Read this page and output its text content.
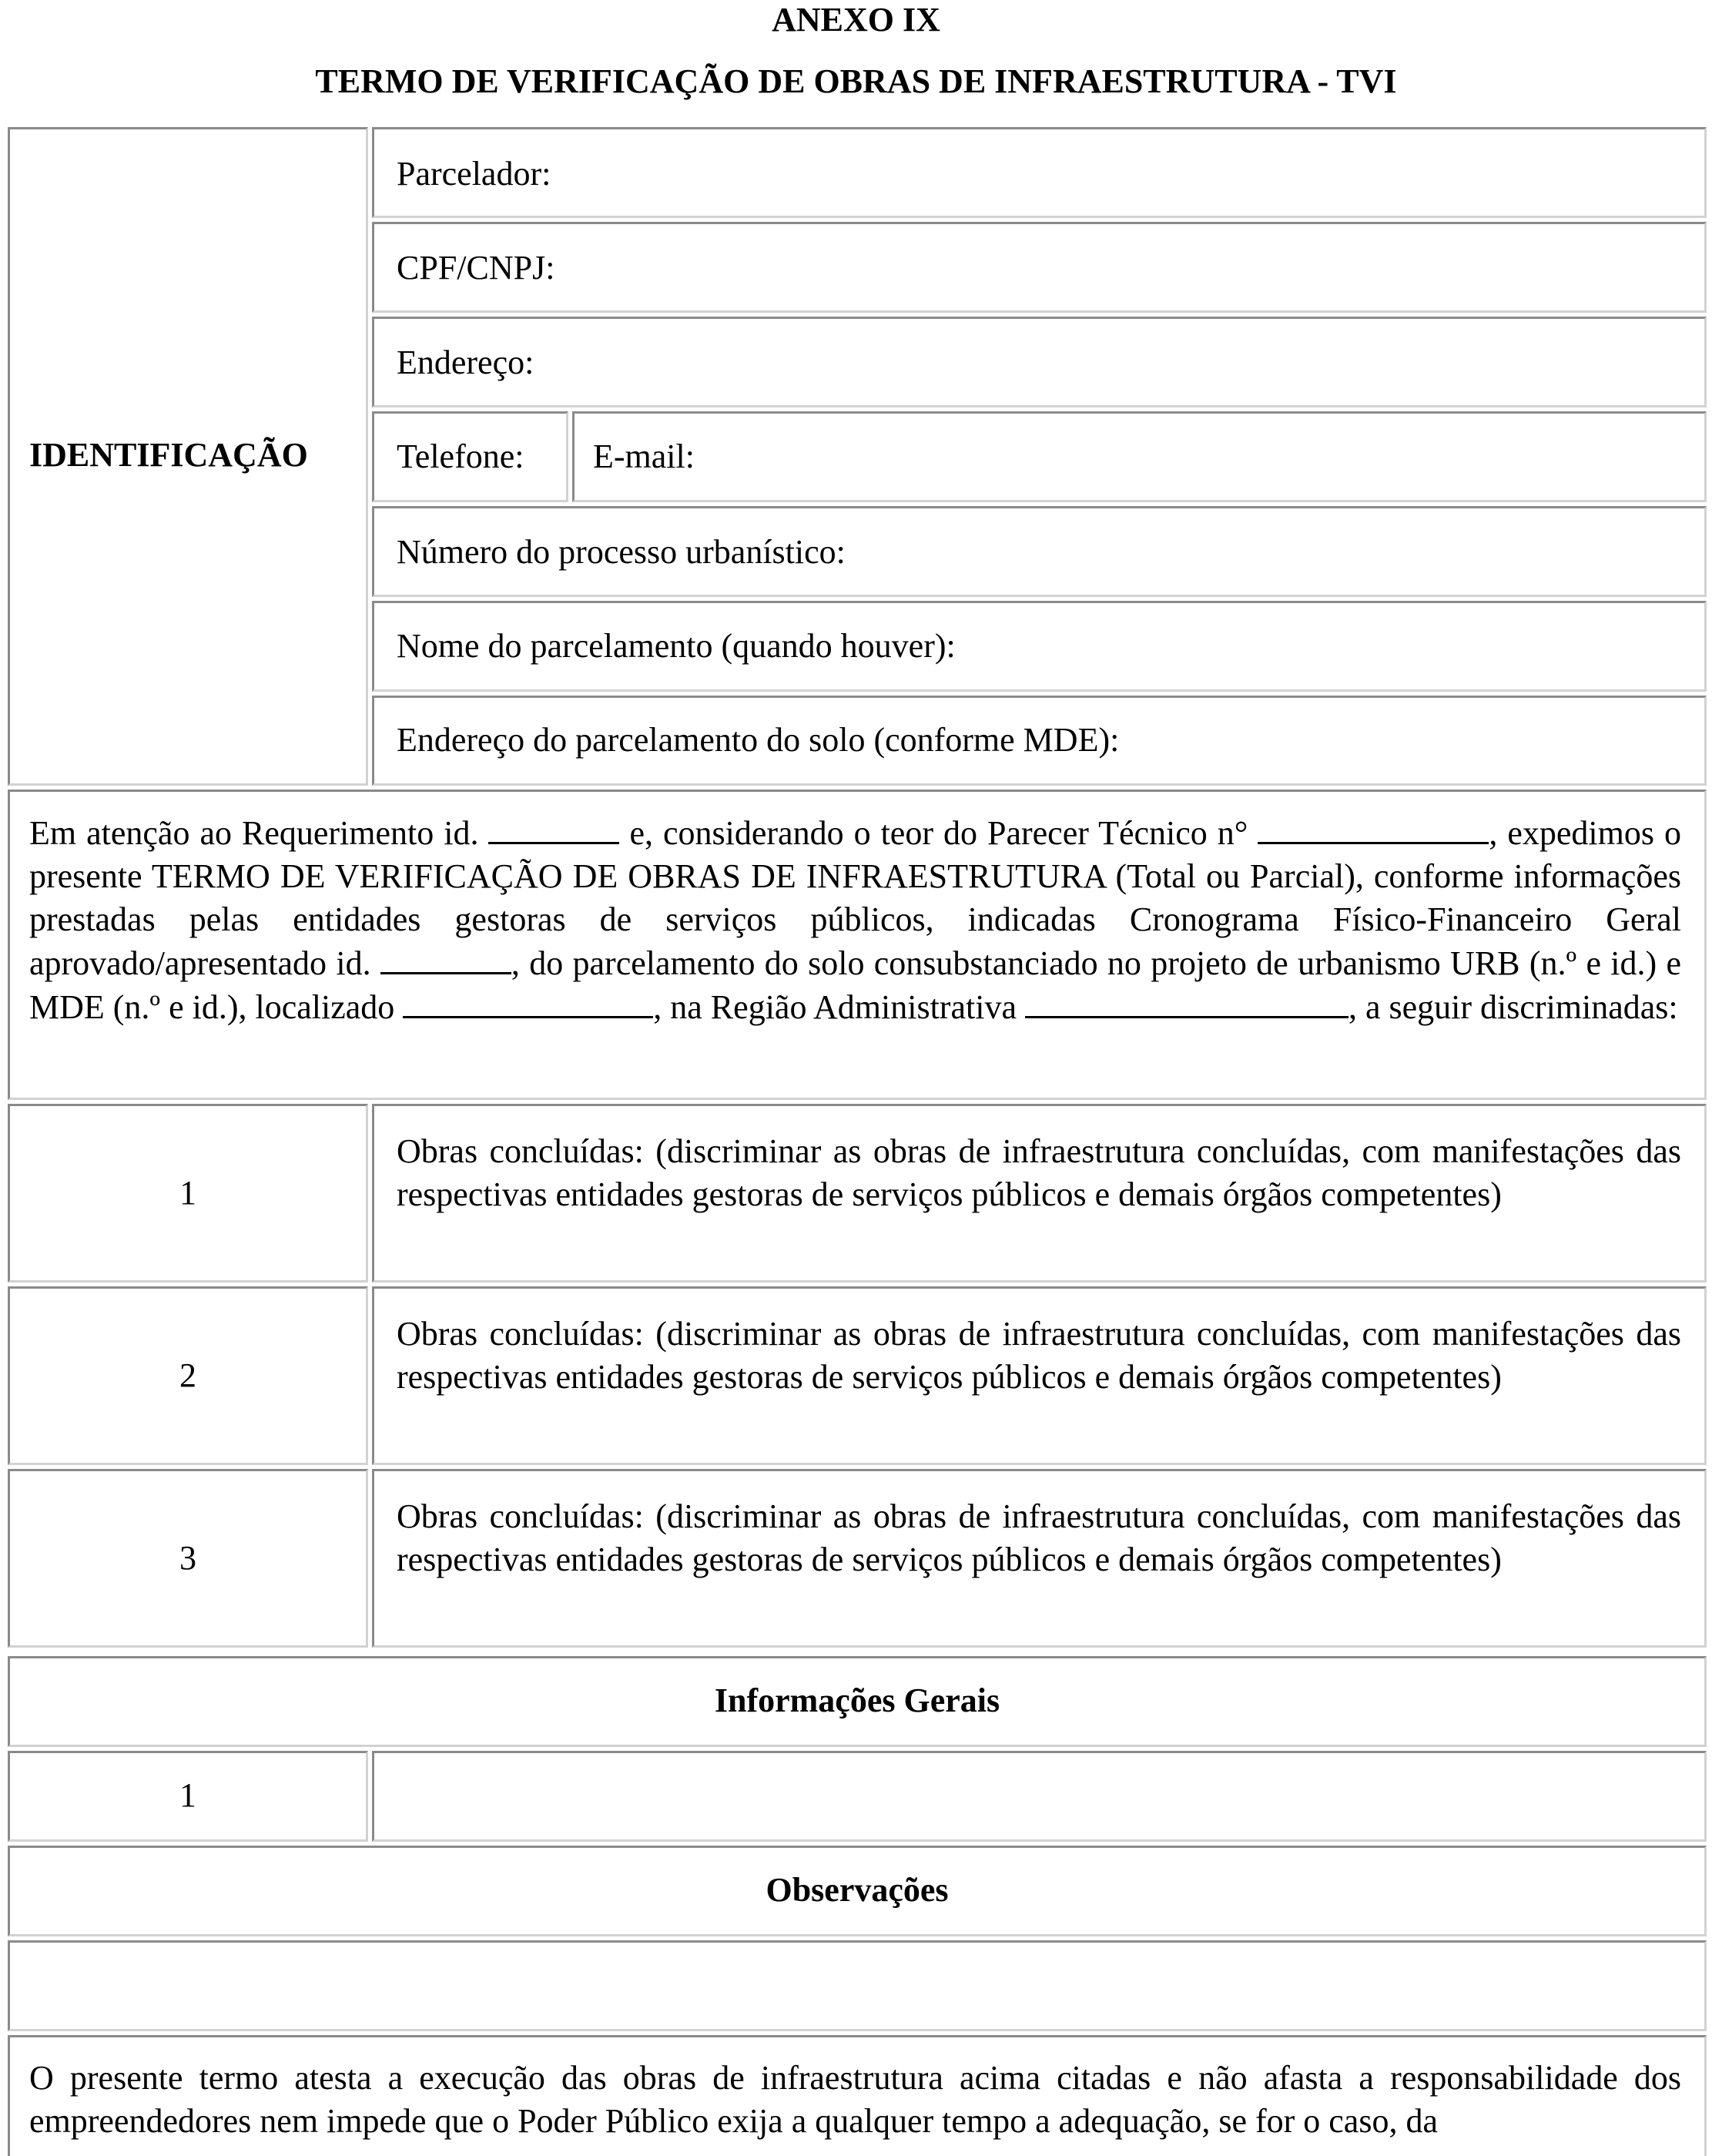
ANEXO IX
TERMO DE VERIFICAÇÃO DE OBRAS DE INFRAESTRUTURA - TVI
IDENTIFICAÇÃO
Parcelador:
CPF/CNPJ:
Endereço:
Telefone: E-mail:
Número do processo urbanístico:
Nome do parcelamento (quando houver):
Endereço do parcelamento do solo (conforme MDE):
Em atenção ao Requerimento id.	e, considerando o teor do Parecer Técnico n°	, expedimos o presente TERMO DE VERIFICAÇÃO DE OBRAS DE INFRAESTRUTURA (Total ou Parcial), conforme informações prestadas pelas entidades gestoras de serviços públicos, indicadas Cronograma Físico-Financeiro Geral aprovado/apresentado id.	, do parcelamento do solo consubstanciado no projeto de urbanismo URB (n.º e id.) e MDE (n.º e id.), localizado	, na Região Administrativa	, a seguir discriminadas:
1
Obras concluídas: (discriminar as obras de infraestrutura concluídas, com manifestações das respectivas entidades gestoras de serviços públicos e demais órgãos competentes)
2
Obras concluídas: (discriminar as obras de infraestrutura concluídas, com manifestações das respectivas entidades gestoras de serviços públicos e demais órgãos competentes)
3
Obras concluídas: (discriminar as obras de infraestrutura concluídas, com manifestações das respectivas entidades gestoras de serviços públicos e demais órgãos competentes)
Informações Gerais
1
Observações
O presente termo atesta a execução das obras de infraestrutura acima citadas e não afasta a responsabilidade dos empreendedores nem impede que o Poder Público exija a qualquer tempo a adequação, se for o caso, da
